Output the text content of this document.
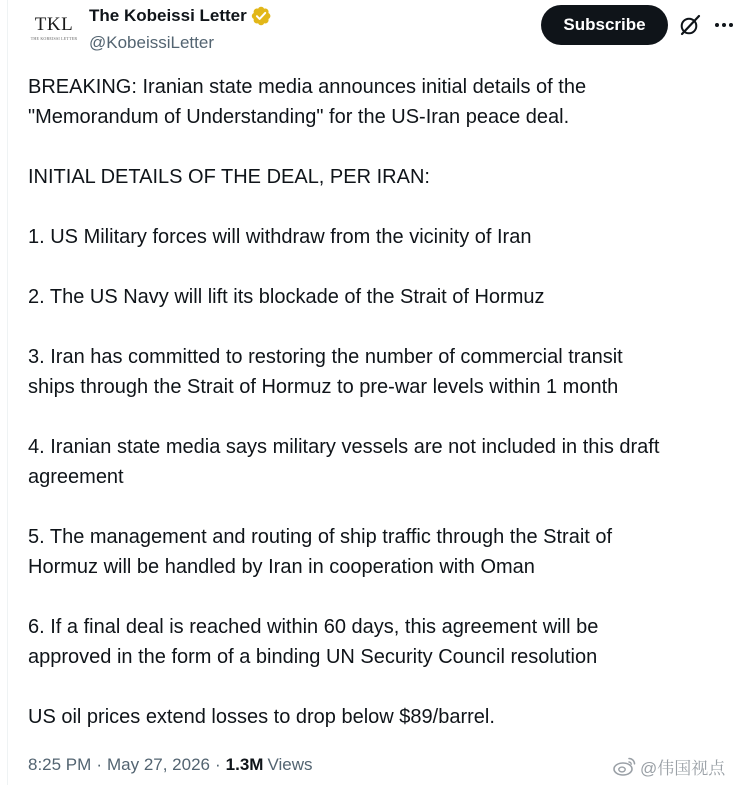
TKL
THE KOBEISSI LETTER
The Kobeissi Letter
@KobeissiLetter
Subscribe

BREAKING: Iranian state media announces initial details of the

"Memorandum of Understanding" for the US-Iran peace deal.

INITIAL DETAILS OF THE DEAL, PER IRAN:

1. US Military forces will withdraw from the vicinity of Iran

2. The US Navy will lift its blockade of the Strait of Hormuz

3. Iran has committed to restoring the number of commercial transit

ships through the Strait of Hormuz to pre-war levels within 1 month

4. Iranian state media says military vessels are not included in this draft

agreement

5. The management and routing of ship traffic through the Strait of

Hormuz will be handled by Iran in cooperation with Oman

6. If a final deal is reached within 60 days, this agreement will be

approved in the form of a binding UN Security Council resolution

US oil prices extend losses to drop below $89/barrel.

8:25 PM · May 27, 2026 · 1.3M Views	@伟国视点
